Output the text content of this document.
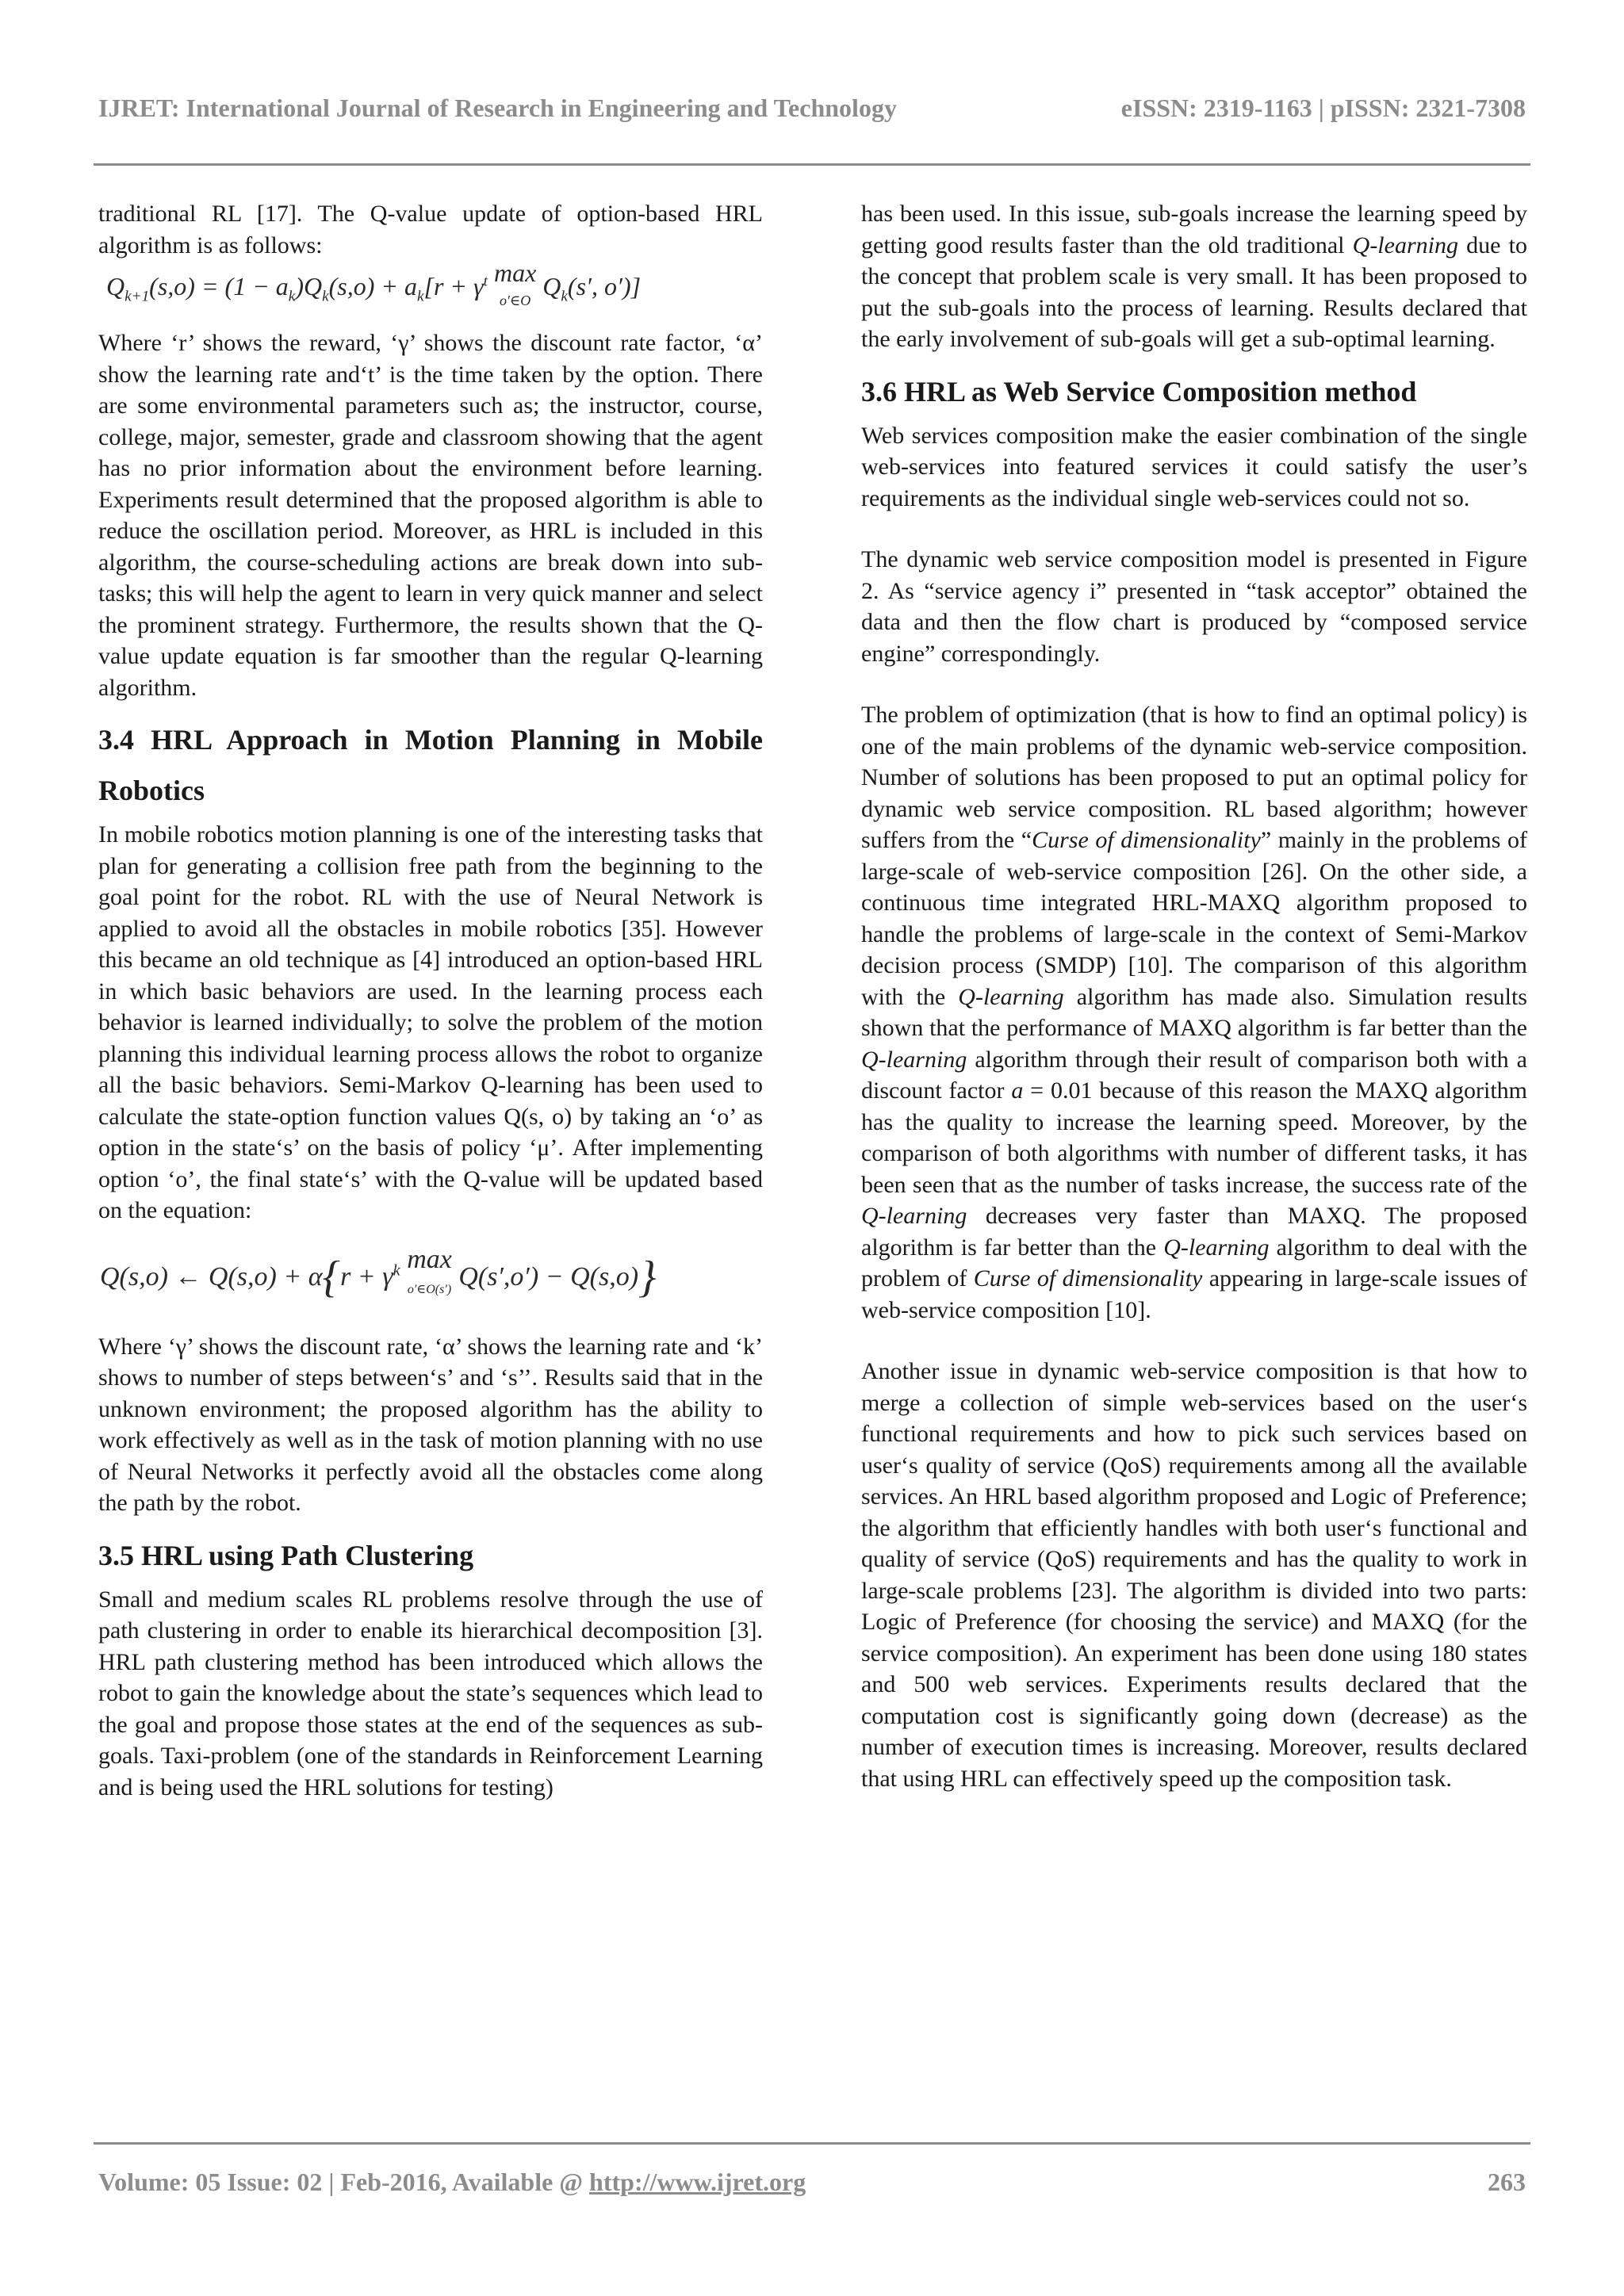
IJRET: International Journal of Research in Engineering and Technology	eISSN: 2319-1163 | pISSN: 2321-7308

traditional RL [17]. The Q-value update of option-based HRL algorithm is as follows:

$Q_{k+1}(s,o) = (1 - a_k)Q_k(s,o) + a_k[r + \gamma^t$ max
o′∈O $Q_k(s'$, o′)]

Where ‘r’ shows the reward, ‘γ’ shows the discount rate factor, ‘α’ show the learning rate and‘t’ is the time taken by the option. There are some environmental parameters such as; the instructor, course, college, major, semester, grade and classroom showing that the agent has no prior information about the environment before learning. Experiments result determined that the proposed algorithm is able to reduce the oscillation period. Moreover, as HRL is included in this algorithm, the course-scheduling actions are break down into sub-tasks; this will help the agent to learn in very quick manner and select the prominent strategy. Furthermore, the results shown that the Q-value update equation is far smoother than the regular Q-learning algorithm.

3.4 HRL Approach in Motion Planning in Mobile
Robotics

In mobile robotics motion planning is one of the interesting tasks that plan for generating a collision free path from the beginning to the goal point for the robot. RL with the use of Neural Network is applied to avoid all the obstacles in mobile robotics [35]. However this became an old technique as [4] introduced an option-based HRL in which basic behaviors are used. In the learning process each behavior is learned individually; to solve the problem of the motion planning this individual learning process allows the robot to organize all the basic behaviors. Semi-Markov Q-learning has been used to calculate the state-option function values Q(s, o) by taking an ‘o’ as option in the state‘s’ on the basis of policy ‘μ’. After implementing option ‘o’, the final state‘s’ with the Q-value will be updated based on the equation:

Q(s,o) ← $Q(s,o) + \alpha\{r + \gamma^k$ max
o′∈O(s′) Q(s′,o′) − Q(s,o)}

Where ‘γ’ shows the discount rate, ‘α’ shows the learning rate and ‘k’ shows to number of steps between‘s’ and ‘s’’. Results said that in the unknown environment; the proposed algorithm has the ability to work effectively as well as in the task of motion planning with no use of Neural Networks it perfectly avoid all the obstacles come along the path by the robot.

3.5 HRL using Path Clustering

Small and medium scales RL problems resolve through the use of path clustering in order to enable its hierarchical decomposition [3]. HRL path clustering method has been introduced which allows the robot to gain the knowledge about the state’s sequences which lead to the goal and propose those states at the end of the sequences as sub-goals. Taxi-problem (one of the standards in Reinforcement Learning and is being used the HRL solutions for testing)

has been used. In this issue, sub-goals increase the learning speed by getting good results faster than the old traditional Q-learning due to the concept that problem scale is very small. It has been proposed to put the sub-goals into the process of learning. Results declared that the early involvement of sub-goals will get a sub-optimal learning.

3.6 HRL as Web Service Composition method

Web services composition make the easier combination of the single web-services into featured services it could satisfy the user’s requirements as the individual single web-services could not so.

The dynamic web service composition model is presented in Figure 2. As “service agency i” presented in “task acceptor” obtained the data and then the flow chart is produced by “composed service engine” correspondingly.

The problem of optimization (that is how to find an optimal policy) is one of the main problems of the dynamic web-service composition. Number of solutions has been proposed to put an optimal policy for dynamic web service composition. RL based algorithm; however suffers from the “Curse of dimensionality” mainly in the problems of large-scale of web-service composition [26]. On the other side, a continuous time integrated HRL-MAXQ algorithm proposed to handle the problems of large-scale in the context of Semi-Markov decision process (SMDP) [10]. The comparison of this algorithm with the Q-learning algorithm has made also. Simulation results shown that the performance of MAXQ algorithm is far better than the Q-learning algorithm through their result of comparison both with a discount factor a = 0.01 because of this reason the MAXQ algorithm has the quality to increase the learning speed. Moreover, by the comparison of both algorithms with number of different tasks, it has been seen that as the number of tasks increase, the success rate of the Q-learning decreases very faster than MAXQ. The proposed algorithm is far better than the Q-learning algorithm to deal with the problem of Curse of dimensionality appearing in large-scale issues of web-service composition [10].

Another issue in dynamic web-service composition is that how to merge a collection of simple web-services based on the user‘s functional requirements and how to pick such services based on user‘s quality of service (QoS) requirements among all the available services. An HRL based algorithm proposed and Logic of Preference; the algorithm that efficiently handles with both user‘s functional and quality of service (QoS) requirements and has the quality to work in large-scale problems [23]. The algorithm is divided into two parts: Logic of Preference (for choosing the service) and MAXQ (for the service composition). An experiment has been done using 180 states and 500 web services. Experiments results declared that the computation cost is significantly going down (decrease) as the number of execution times is increasing. Moreover, results declared that using HRL can effectively speed up the composition task.

Volume: 05 Issue: 02 | Feb-2016, Available @ http://www.ijret.org	263
